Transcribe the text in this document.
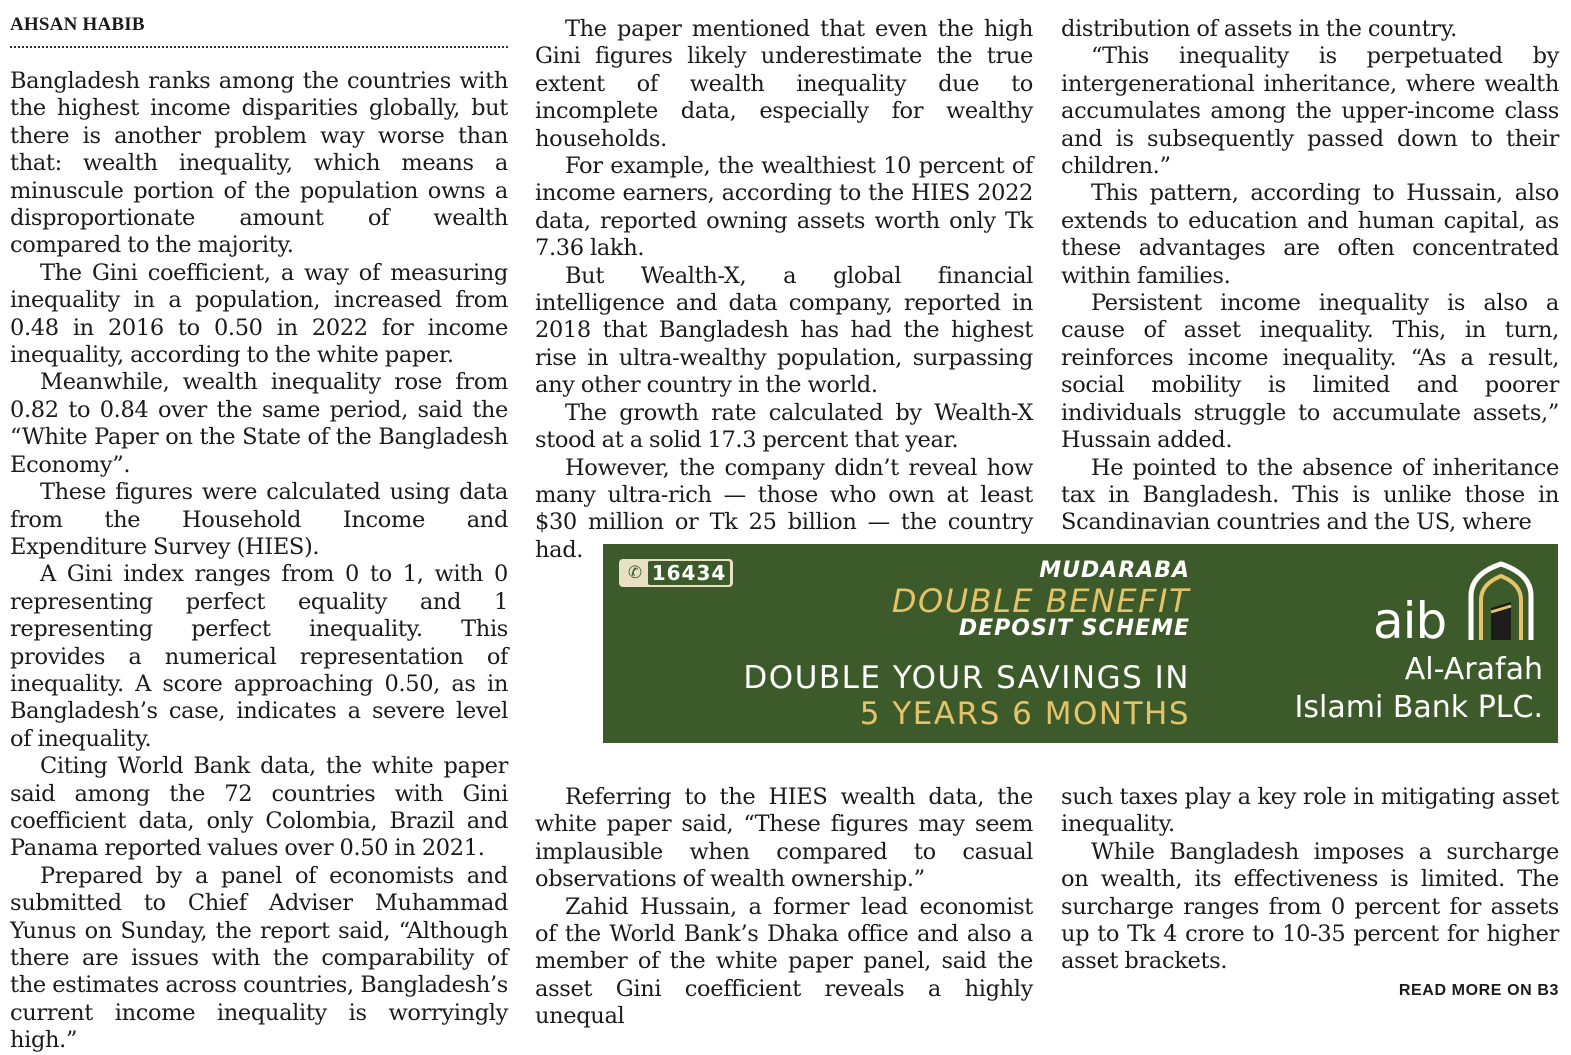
AHSAN HABIB

Bangladesh ranks among the countries with the highest income disparities globally, but there is another problem way worse than that: wealth inequality, which means a minuscule portion of the population owns a disproportionate amount of wealth compared to the majority.

The Gini coefficient, a way of measuring inequality in a population, increased from 0.48 in 2016 to 0.50 in 2022 for income inequality, according to the white paper.

Meanwhile, wealth inequality rose from 0.82 to 0.84 over the same period, said the “White Paper on the State of the Bangladesh Economy”.

These figures were calculated using data from the Household Income and Expenditure Survey (HIES).

A Gini index ranges from 0 to 1, with 0 representing perfect equality and 1 representing perfect inequality. This provides a numerical representation of inequality. A score approaching 0.50, as in Bangladesh’s case, indicates a severe level of inequality.

Citing World Bank data, the white paper said among the 72 countries with Gini coefficient data, only Colombia, Brazil and Panama reported values over 0.50 in 2021.

Prepared by a panel of economists and submitted to Chief Adviser Muhammad Yunus on Sunday, the report said, “Although there are issues with the comparability of the estimates across countries, Bangladesh’s current income inequality is worryingly high.”

The paper mentioned that even the high Gini figures likely underestimate the true extent of wealth inequality due to incomplete data, especially for wealthy households.

For example, the wealthiest 10 percent of income earners, according to the HIES 2022 data, reported owning assets worth only Tk 7.36 lakh.

But Wealth-X, a global financial intelligence and data company, reported in 2018 that Bangladesh has had the highest rise in ultra-wealthy population, surpassing any other country in the world.

The growth rate calculated by Wealth-X stood at a solid 17.3 percent that year.

However, the company didn’t reveal how many ultra-rich — those who own at least $30 million or Tk 25 billion — the country had.

distribution of assets in the country.

“This inequality is perpetuated by intergenerational inheritance, where wealth accumulates among the upper-income class and is subsequently passed down to their children.”

This pattern, according to Hussain, also extends to education and human capital, as these advantages are often concentrated within families.

Persistent income inequality is also a cause of asset inequality. This, in turn, reinforces income inequality. “As a result, social mobility is limited and poorer individuals struggle to accumulate assets,” Hussain added.

He pointed to the absence of inheritance tax in Bangladesh. This is unlike those in Scandinavian countries and the US, where

✆ 16434	MUDARABA
DOUBLE BENEFIT
DEPOSIT SCHEME
DOUBLE YOUR SAVINGS IN
5 YEARS 6 MONTHS
aib
Al-Arafah
Islami Bank PLC.

Referring to the HIES wealth data, the white paper said, “These figures may seem implausible when compared to casual observations of wealth ownership.”

Zahid Hussain, a former lead economist of the World Bank’s Dhaka office and also a member of the white paper panel, said the asset Gini coefficient reveals a highly unequal

such taxes play a key role in mitigating asset inequality.

While Bangladesh imposes a surcharge on wealth, its effectiveness is limited. The surcharge ranges from 0 percent for assets up to Tk 4 crore to 10-35 percent for higher asset brackets.

READ MORE ON B3
